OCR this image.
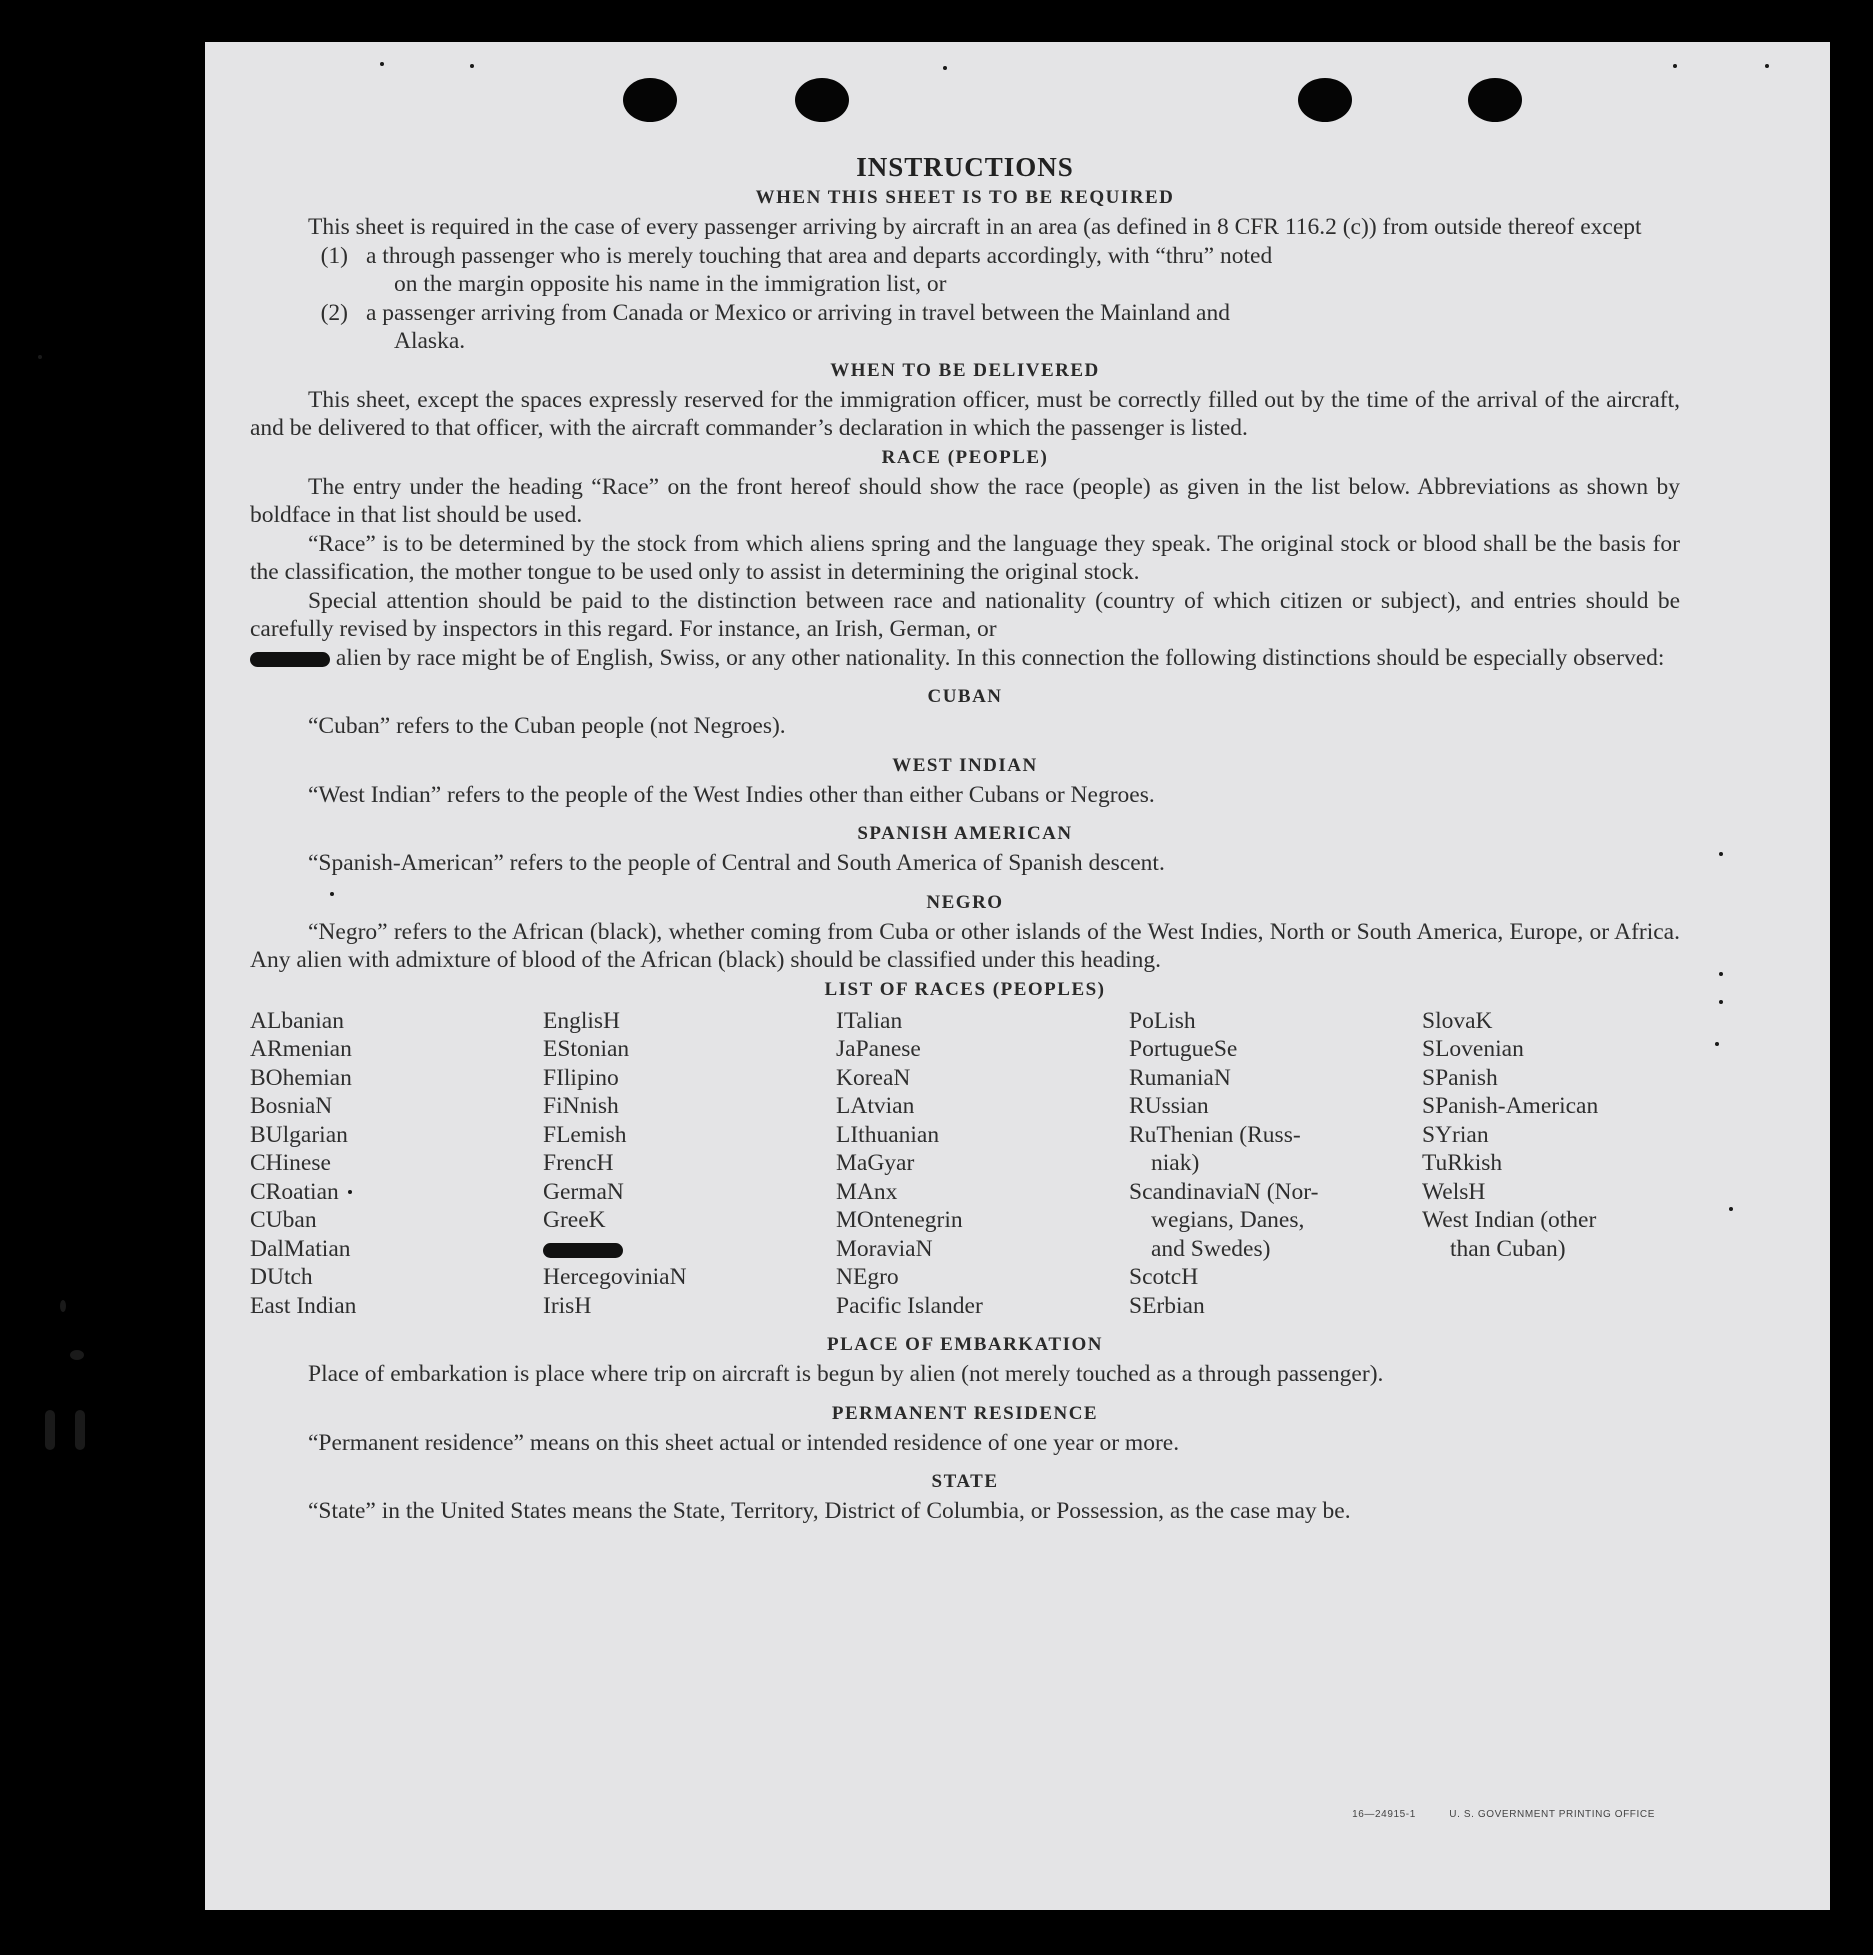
INSTRUCTIONS
WHEN THIS SHEET IS TO BE REQUIRED

This sheet is required in the case of every passenger arriving by aircraft in an area (as defined in 8 CFR 116.2 (c)) from outside thereof except

(1) a through passenger who is merely touching that area and departs accordingly, with “thru” noted
on the margin opposite his name in the immigration list, or
(2) a passenger arriving from Canada or Mexico or arriving in travel between the Mainland and
Alaska.
WHEN TO BE DELIVERED

This sheet, except the spaces expressly reserved for the immigration officer, must be correctly filled out by the time of the arrival of the aircraft, and be delivered to that officer, with the aircraft commander’s declaration in which the passenger is listed.

RACE (PEOPLE)

The entry under the heading “Race” on the front hereof should show the race (people) as given in the list below. Abbreviations as shown by boldface in that list should be used.

“Race” is to be determined by the stock from which aliens spring and the language they speak. The original stock or blood shall be the basis for the classification, the mother tongue to be used only to assist in determining the original stock.

Special attention should be paid to the distinction between race and nationality (country of which citizen or subject), and entries should be carefully revised by inspectors in this regard. For instance, an Irish, German, or

alien by race might be of English, Swiss, or any other nationality. In this connection the following distinctions should be especially observed:

CUBAN

“Cuban” refers to the Cuban people (not Negroes).

WEST INDIAN

“West Indian” refers to the people of the West Indies other than either Cubans or Negroes.

SPANISH AMERICAN

“Spanish-American” refers to the people of Central and South America of Spanish descent.

NEGRO

“Negro” refers to the African (black), whether coming from Cuba or other islands of the West Indies, North or South America, Europe, or Africa. Any alien with admixture of blood of the African (black) should be classified under this heading.

LIST OF RACES (PEOPLES)
ALbanian
ARmenian
BOhemian
BosniaN
BUlgarian
CHinese
CRoatian
CUban
DalMatian
DUtch
East Indian
EnglisH
EStonian
FIlipino
FiNnish
FLemish
FrencH
GermaN
GreeK
HercegoviniaN
IrisH
ITalian
JaPanese
KoreaN
LAtvian
LIthuanian
MaGyar
MAnx
MOntenegrin
MoraviaN
NEgro
Pacific Islander
PoLish
PortugueSe
RumaniaN
RUssian
RuThenian (Russ-
niak)
ScandinaviaN (Nor-
wegians, Danes,
and Swedes)
ScotcH
SErbian
SlovaK
SLovenian
SPanish
SPanish-American
SYrian
TuRkish
WelsH
West Indian (other
than Cuban)
PLACE OF EMBARKATION

Place of embarkation is place where trip on aircraft is begun by alien (not merely touched as a through passenger).

PERMANENT RESIDENCE

“Permanent residence” means on this sheet actual or intended residence of one year or more.

STATE

“State” in the United States means the State, Territory, District of Columbia, or Possession, as the case may be.

16—24915-1	U. S. GOVERNMENT PRINTING OFFICE
